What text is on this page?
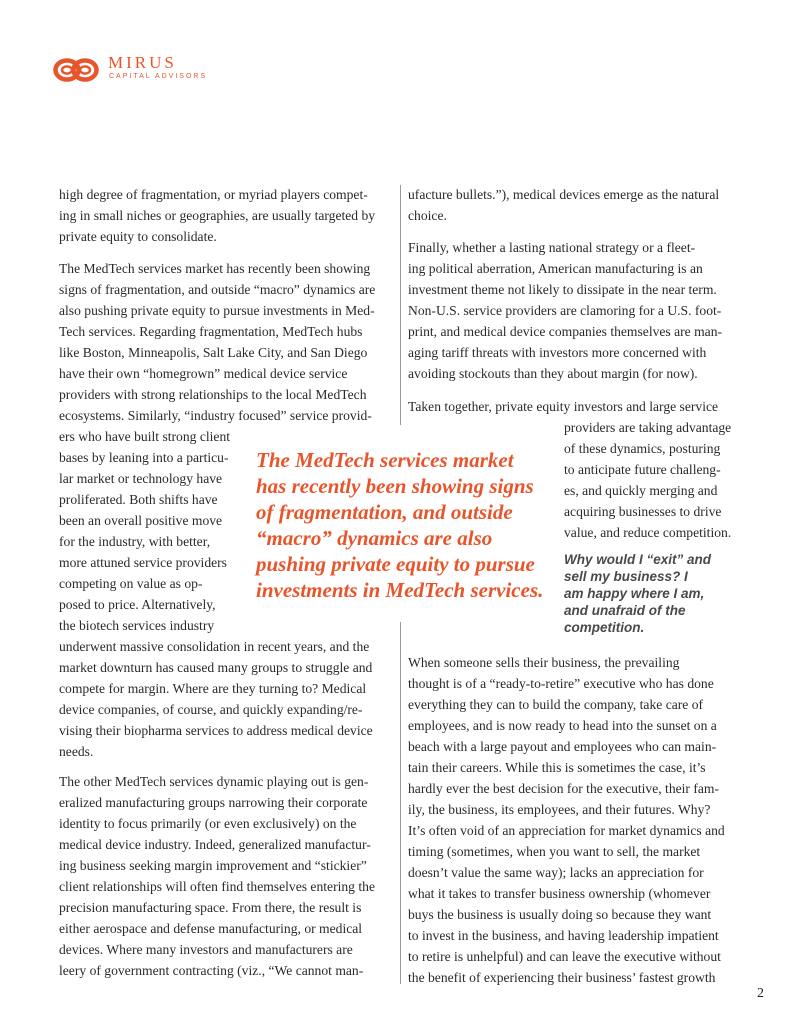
MIRUS
CAPITAL ADVISORS
high degree of fragmentation, or myriad players compet-
ing in small niches or geographies, are usually targeted by
private equity to consolidate.
The MedTech services market has recently been showing
signs of fragmentation, and outside “macro” dynamics are
also pushing private equity to pursue investments in Med-
Tech services. Regarding fragmentation, MedTech hubs
like Boston, Minneapolis, Salt Lake City, and San Diego
have their own “homegrown” medical device service
providers with strong relationships to the local MedTech
ecosystems. Similarly, “industry focused” service provid-
ers who have built strong client
bases by leaning into a particu-
lar market or technology have
proliferated. Both shifts have
been an overall positive move
for the industry, with better,
more attuned service providers
competing on value as op-
posed to price. Alternatively,
the biotech services industry
underwent massive consolidation in recent years, and the
market downturn has caused many groups to struggle and
compete for margin. Where are they turning to? Medical
device companies, of course, and quickly expanding/re-
vising their biopharma services to address medical device
needs.
The other MedTech services dynamic playing out is gen-
eralized manufacturing groups narrowing their corporate
identity to focus primarily (or even exclusively) on the
medical device industry. Indeed, generalized manufactur-
ing business seeking margin improvement and “stickier”
client relationships will often find themselves entering the
precision manufacturing space. From there, the result is
either aerospace and defense manufacturing, or medical
devices. Where many investors and manufacturers are
leery of government contracting (viz., “We cannot man-
ufacture bullets.”), medical devices emerge as the natural
choice.
Finally, whether a lasting national strategy or a fleet-
ing political aberration, American manufacturing is an
investment theme not likely to dissipate in the near term.
Non-U.S. service providers are clamoring for a U.S. foot-
print, and medical device companies themselves are man-
aging tariff threats with investors more concerned with
avoiding stockouts than they about margin (for now).
Taken together, private equity investors and large service
providers are taking advantage
of these dynamics, posturing
to anticipate future challeng-
es, and quickly merging and
acquiring businesses to drive
value, and reduce competition.
Why would I “exit” and
sell my business? I
am happy where I am,
and unafraid of the
competition.
When someone sells their business, the prevailing
thought is of a “ready-to-retire” executive who has done
everything they can to build the company, take care of
employees, and is now ready to head into the sunset on a
beach with a large payout and employees who can main-
tain their careers. While this is sometimes the case, it’s
hardly ever the best decision for the executive, their fam-
ily, the business, its employees, and their futures. Why?
It’s often void of an appreciation for market dynamics and
timing (sometimes, when you want to sell, the market
doesn’t value the same way); lacks an appreciation for
what it takes to transfer business ownership (whomever
buys the business is usually doing so because they want
to invest in the business, and having leadership impatient
to retire is unhelpful) and can leave the executive without
the benefit of experiencing their business’ fastest growth
The MedTech services market
has recently been showing signs
of fragmentation, and outside
“macro” dynamics are also
pushing private equity to pursue
investments in MedTech services.
2
